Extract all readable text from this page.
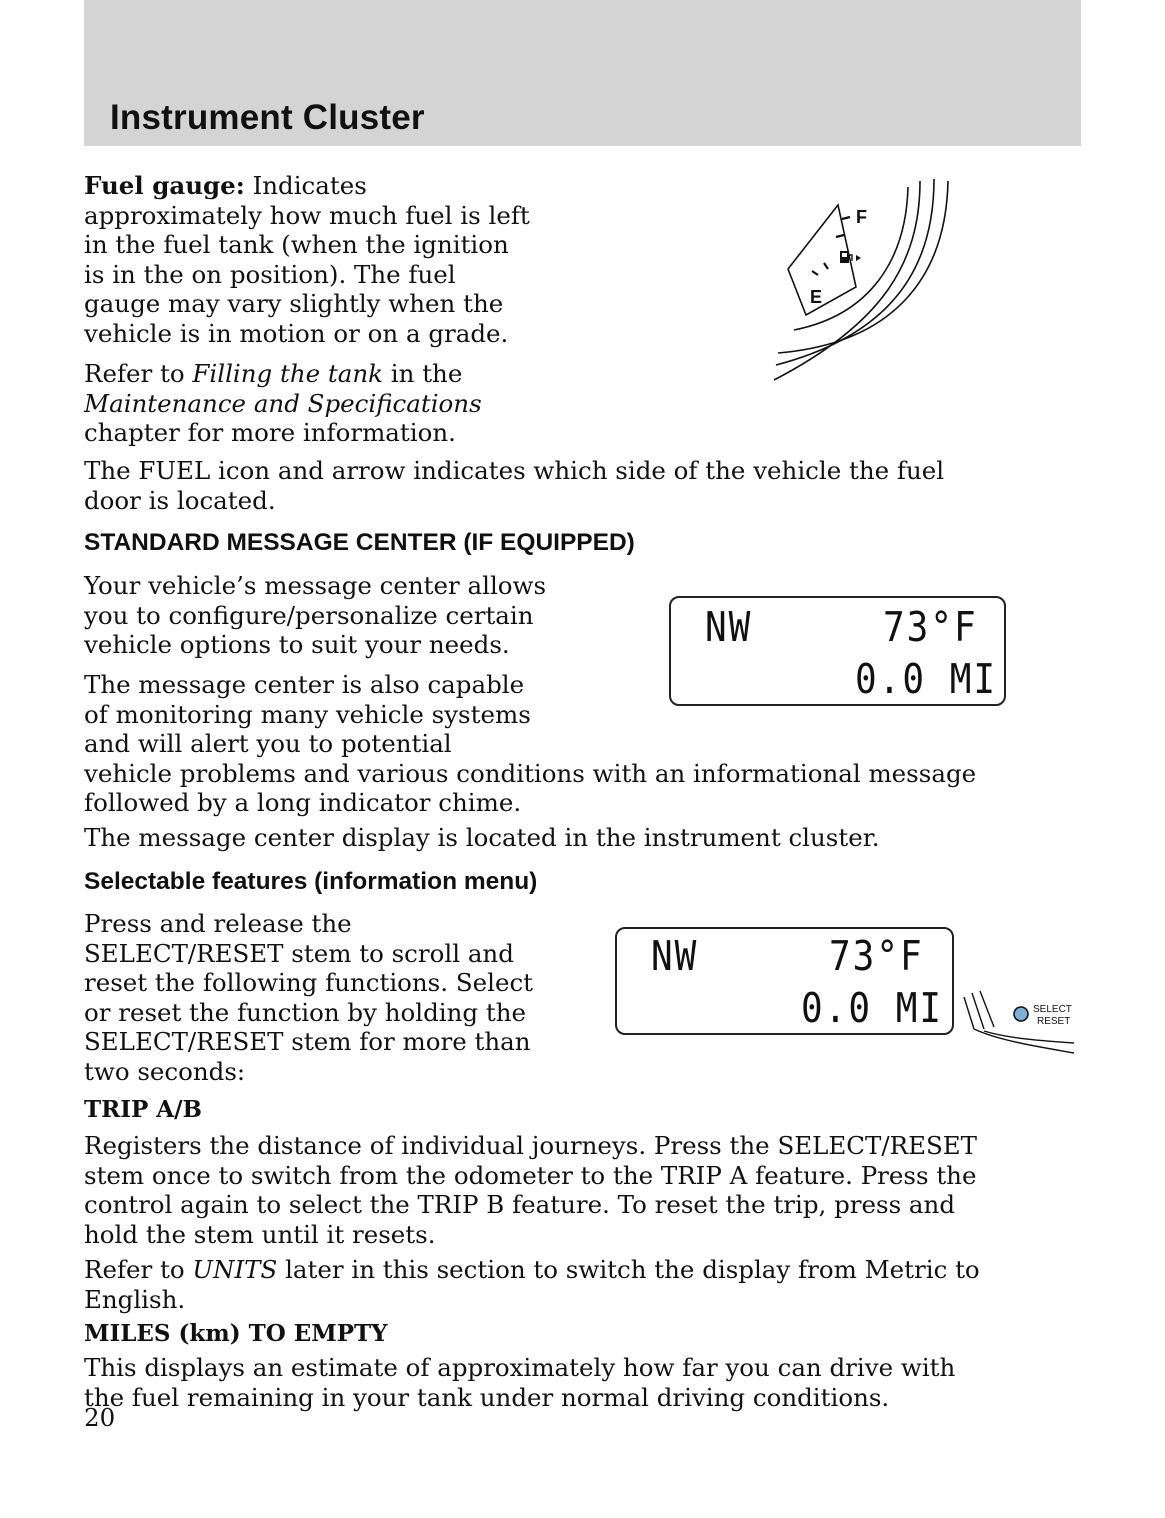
Instrument Cluster

Fuel gauge: Indicates
approximately how much fuel is left
in the fuel tank (when the ignition
is in the on position). The fuel
gauge may vary slightly when the
vehicle is in motion or on a grade.

Refer to Filling the tank in the
Maintenance and Specifications
chapter for more information.

The FUEL icon and arrow indicates which side of the vehicle the fuel
door is located.

F
E
STANDARD MESSAGE CENTER (IF EQUIPPED)

Your vehicle’s message center allows
you to configure/personalize certain
vehicle options to suit your needs.

The message center is also capable
of monitoring many vehicle systems
and will alert you to potential
vehicle problems and various conditions with an informational message
followed by a long indicator chime.

The message center display is located in the instrument cluster.

NW	73°F
0.0 MI
Selectable features (information menu)

Press and release the
SELECT/RESET stem to scroll and
reset the following functions. Select
or reset the function by holding the
SELECT/RESET stem for more than
two seconds:

NW	73°F
0.0 MI	SELECT
RESET
TRIP A/B

Registers the distance of individual journeys. Press the SELECT/RESET
stem once to switch from the odometer to the TRIP A feature. Press the
control again to select the TRIP B feature. To reset the trip, press and
hold the stem until it resets.

Refer to UNITS later in this section to switch the display from Metric to
English.

MILES (km) TO EMPTY

This displays an estimate of approximately how far you can drive with
the fuel remaining in your tank under normal driving conditions.

20
